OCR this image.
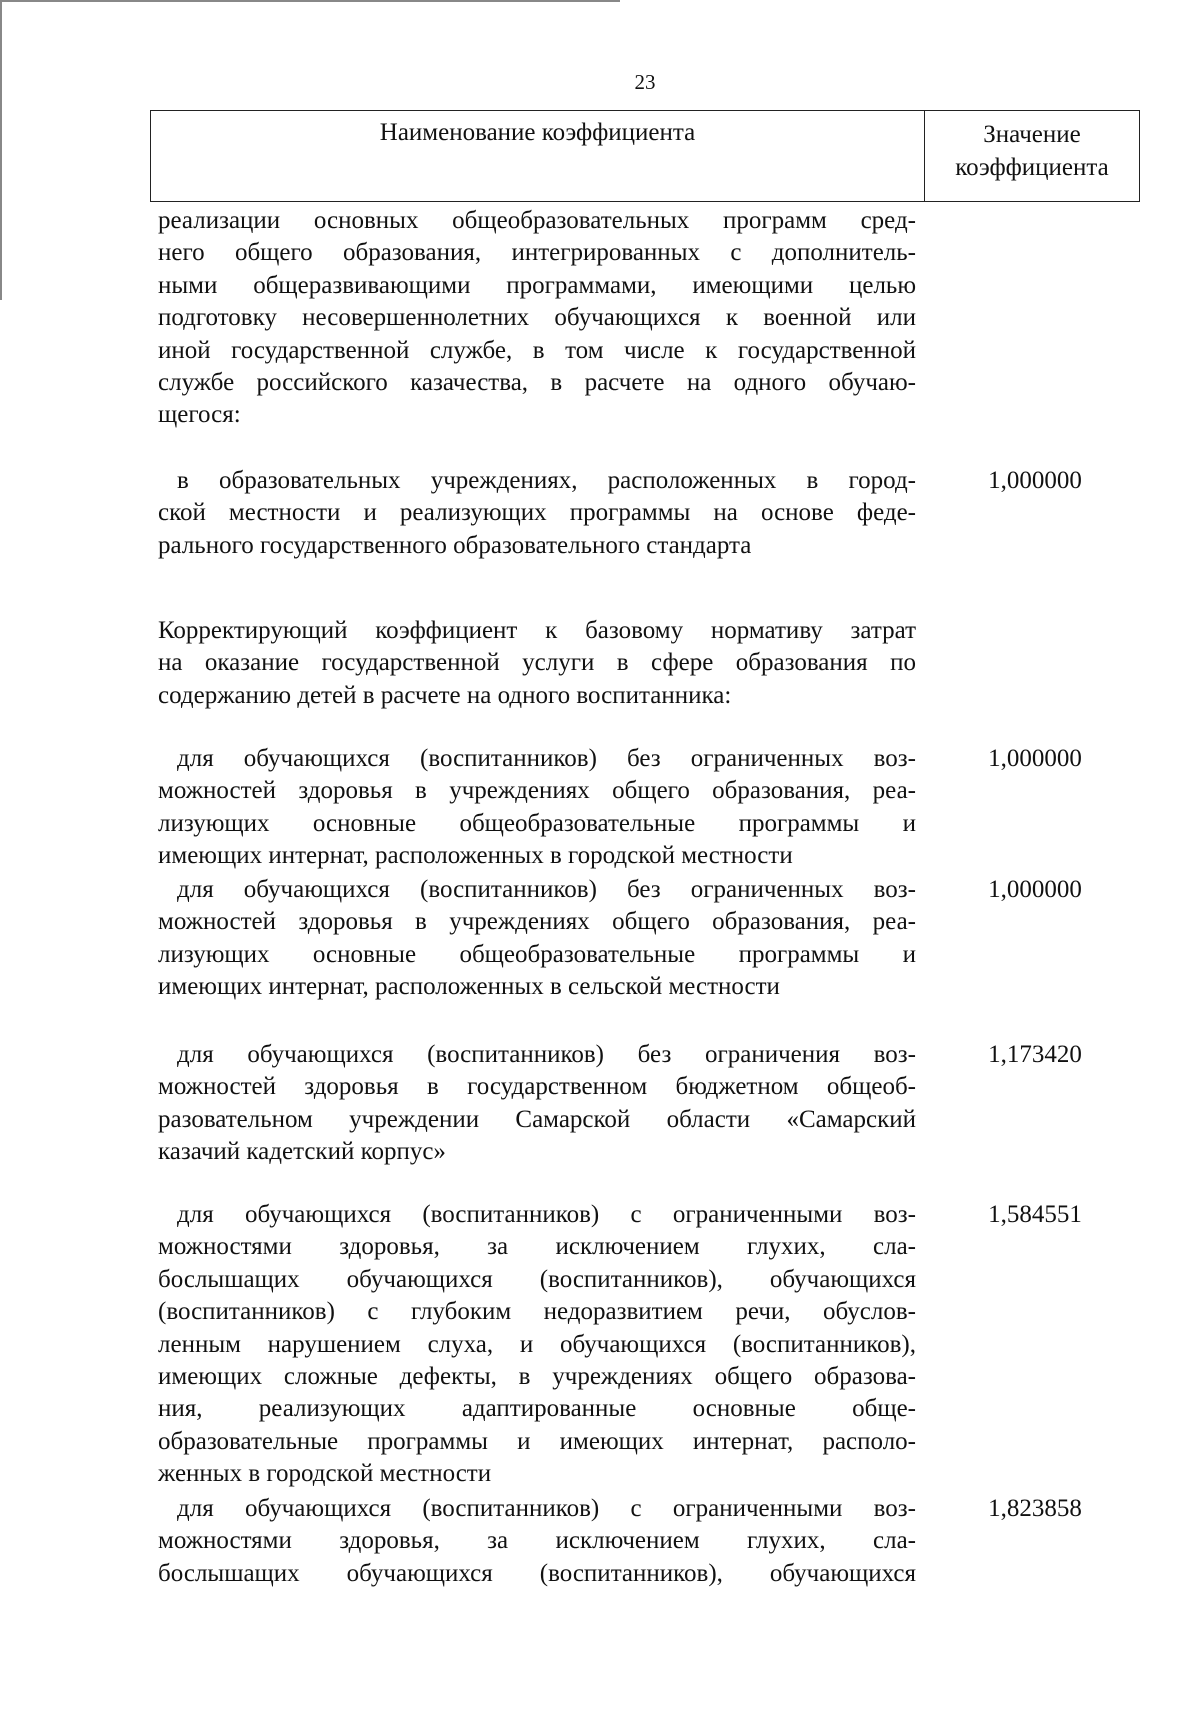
23
Наименование коэффициента	Значение
коэффициента
реализации основных общеобразовательных программ сред-
него общего образования, интегрированных с дополнитель-
ными общеразвивающими программами, имеющими целью
подготовку несовершеннолетних обучающихся к военной или
иной государственной службе, в том числе к государственной
службе российского казачества, в расчете на одного обучаю-
щегося:
в образовательных учреждениях, расположенных в город-
ской местности и реализующих программы на основе феде-
рального государственного образовательного стандарта
1,000000
Корректирующий коэффициент к базовому нормативу затрат
на оказание государственной услуги в сфере образования по
содержанию детей в расчете на одного воспитанника:
для обучающихся (воспитанников) без ограниченных воз-
можностей здоровья в учреждениях общего образования, реа-
лизующих основные общеобразовательные программы и
имеющих интернат, расположенных в городской местности
1,000000
для обучающихся (воспитанников) без ограниченных воз-
можностей здоровья в учреждениях общего образования, реа-
лизующих основные общеобразовательные программы и
имеющих интернат, расположенных в сельской местности
1,000000
для обучающихся (воспитанников) без ограничения воз-
можностей здоровья в государственном бюджетном общеоб-
разовательном учреждении Самарской области «Самарский
казачий кадетский корпус»
1,173420
для обучающихся (воспитанников) с ограниченными воз-
можностями здоровья, за исключением глухих, сла-
бослышащих обучающихся (воспитанников), обучающихся
(воспитанников) с глубоким недоразвитием речи, обуслов-
ленным нарушением слуха, и обучающихся (воспитанников),
имеющих сложные дефекты, в учреждениях общего образова-
ния, реализующих адаптированные основные обще-
образовательные программы и имеющих интернат, располо-
женных в городской местности
1,584551
для обучающихся (воспитанников) с ограниченными воз-
можностями здоровья, за исключением глухих, сла-
бослышащих обучающихся (воспитанников), обучающихся
1,823858
